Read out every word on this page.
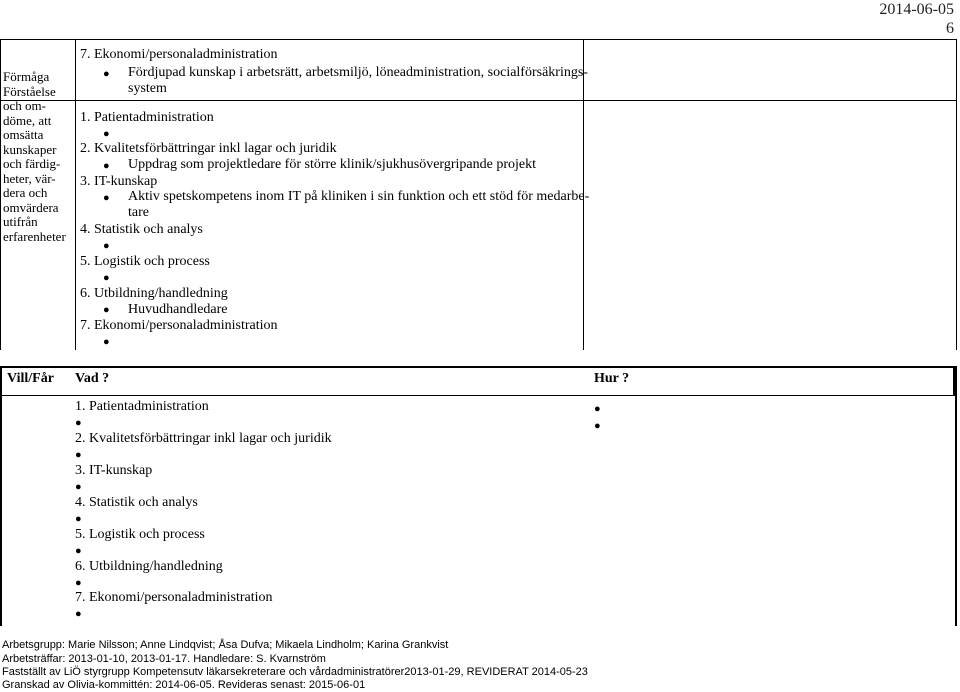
2014-06-05
6
7. Ekonomi/personaladministration
● Fördjupad kunskap i arbetsrätt, arbetsmiljö, löneadministration, socialförsäkrings-
system
Förmåga
Förståelse
och om-
döme, att
omsätta
kunskaper
och färdig-
heter, vär-
dera och
omvärdera
utifrån
erfarenheter
1. Patientadministration
●
2. Kvalitetsförbättringar inkl lagar och juridik
● Uppdrag som projektledare för större klinik/sjukhusövergripande projekt
3. IT-kunskap
● Aktiv spetskompetens inom IT på kliniken i sin funktion och ett stöd för medarbe-
tare
4. Statistik och analys
●
5. Logistik och process
●
6. Utbildning/handledning
● Huvudhandledare
7. Ekonomi/personaladministration
●
Vill/Får Vad ?	Hur ?
1. Patientadministration
●
2. Kvalitetsförbättringar inkl lagar och juridik
●
3. IT-kunskap
●
4. Statistik och analys
●
5. Logistik och process
●
6. Utbildning/handledning
●
7. Ekonomi/personaladministration
●
●
●
Arbetsgrupp: Marie Nilsson; Anne Lindqvist; Åsa Dufva; Mikaela Lindholm; Karina Grankvist
Arbetsträffar: 2013-01-10, 2013-01-17. Handledare: S. Kvarnström
Fastställt av LiÖ styrgrupp Kompetensutv läkarsekreterare och vårdadministratörer2013-01-29, REVIDERAT 2014-05-23
Granskad av Olivia-kommittén: 2014-06-05. Revideras senast: 2015-06-01
